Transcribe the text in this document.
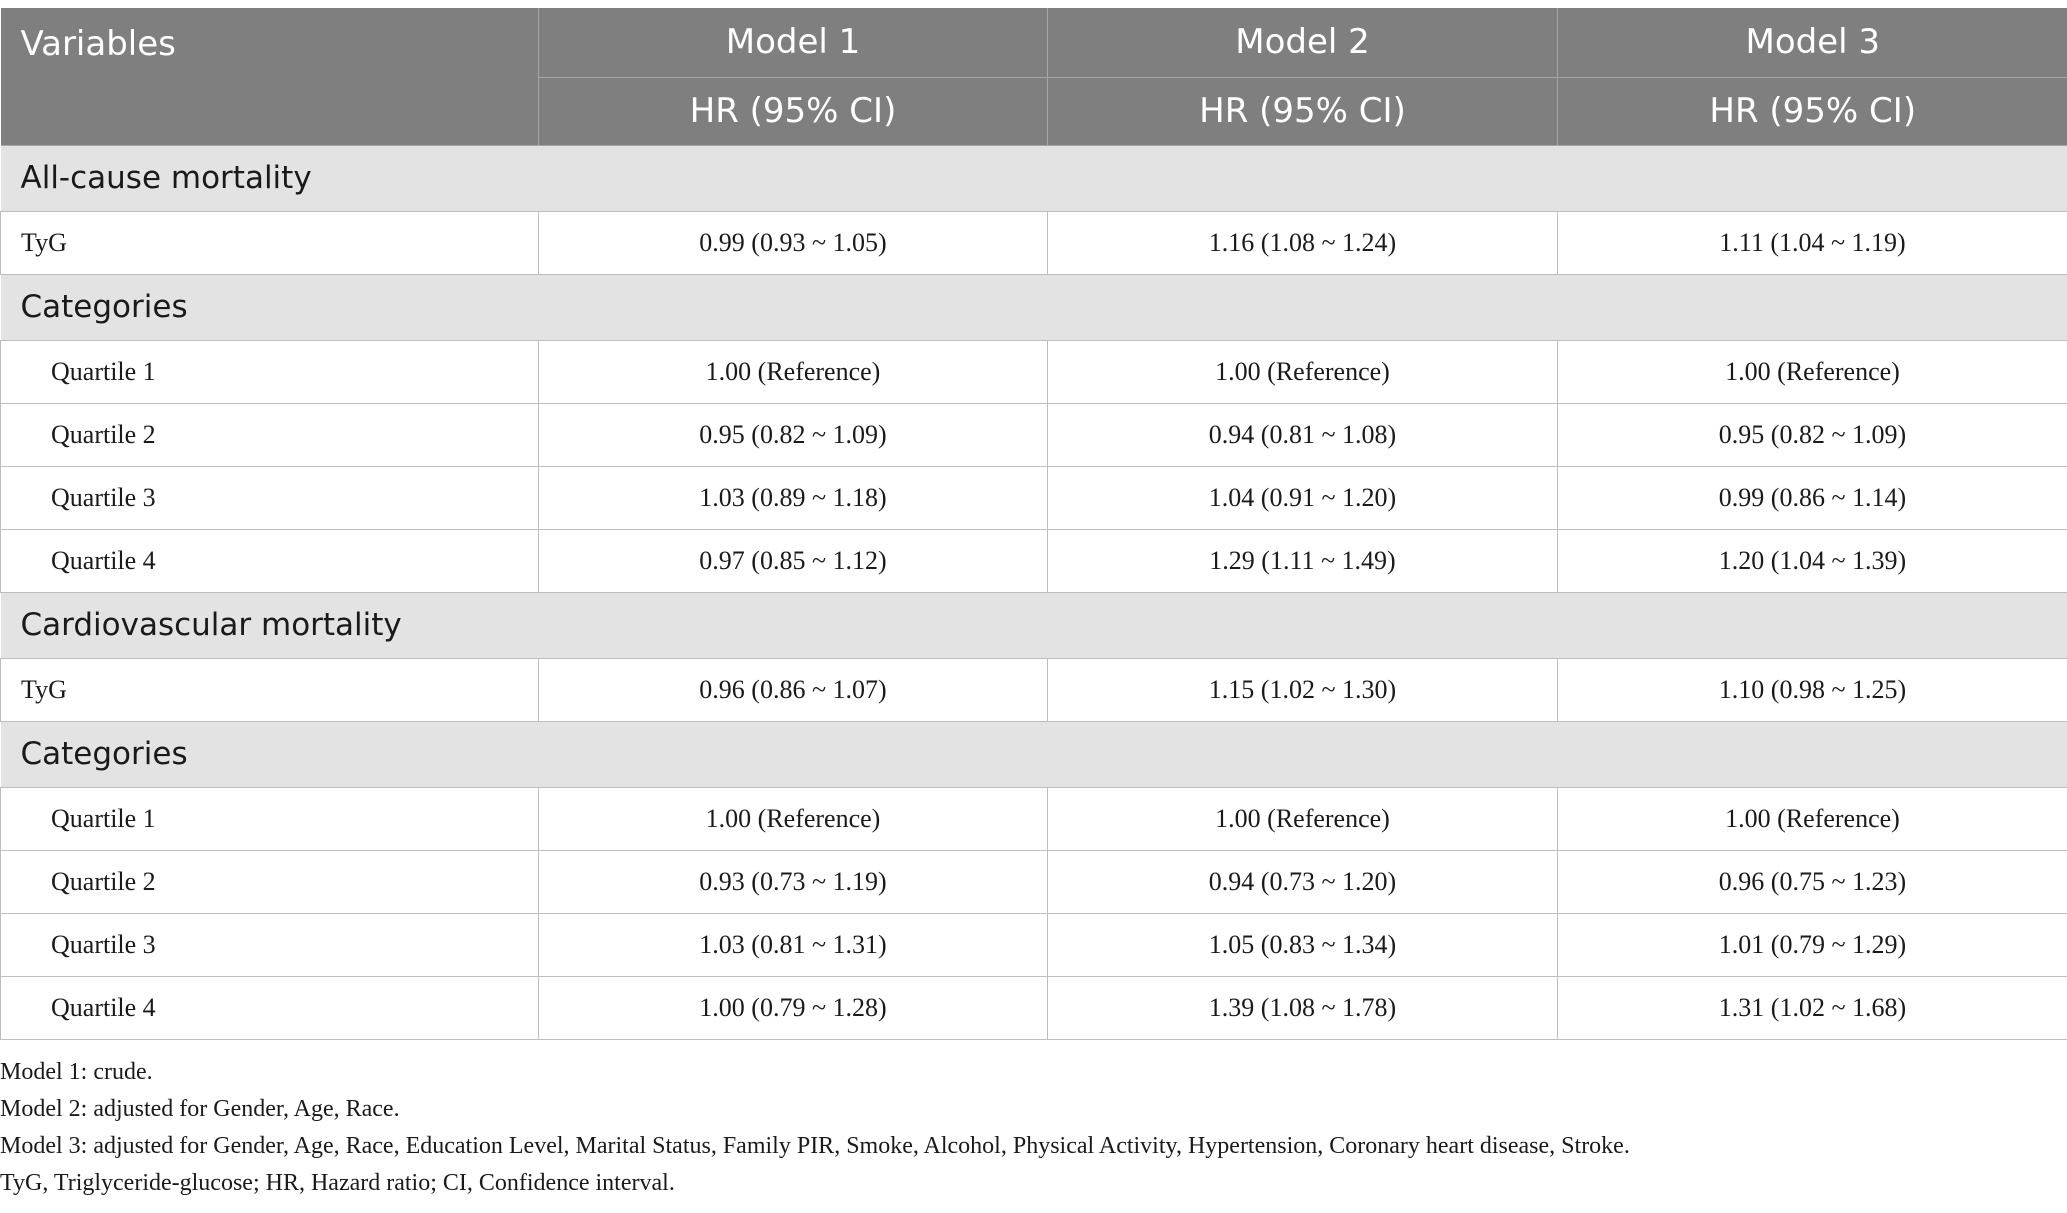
Variables	Model 1	Model 2	Model 3
	HR (95% CI)	HR (95% CI)	HR (95% CI)
All-cause mortality			
TyG	0.99 (0.93 ~ 1.05)	1.16 (1.08 ~ 1.24)	1.11 (1.04 ~ 1.19)
Categories			
Quartile 1	1.00 (Reference)	1.00 (Reference)	1.00 (Reference)
Quartile 2	0.95 (0.82 ~ 1.09)	0.94 (0.81 ~ 1.08)	0.95 (0.82 ~ 1.09)
Quartile 3	1.03 (0.89 ~ 1.18)	1.04 (0.91 ~ 1.20)	0.99 (0.86 ~ 1.14)
Quartile 4	0.97 (0.85 ~ 1.12)	1.29 (1.11 ~ 1.49)	1.20 (1.04 ~ 1.39)
Cardiovascular mortality			
TyG	0.96 (0.86 ~ 1.07)	1.15 (1.02 ~ 1.30)	1.10 (0.98 ~ 1.25)
Categories			
Quartile 1	1.00 (Reference)	1.00 (Reference)	1.00 (Reference)
Quartile 2	0.93 (0.73 ~ 1.19)	0.94 (0.73 ~ 1.20)	0.96 (0.75 ~ 1.23)
Quartile 3	1.03 (0.81 ~ 1.31)	1.05 (0.83 ~ 1.34)	1.01 (0.79 ~ 1.29)
Quartile 4	1.00 (0.79 ~ 1.28)	1.39 (1.08 ~ 1.78)	1.31 (1.02 ~ 1.68)
Model 1: crude.
Model 2: adjusted for Gender, Age, Race.
Model 3: adjusted for Gender, Age, Race, Education Level, Marital Status, Family PIR, Smoke, Alcohol, Physical Activity, Hypertension, Coronary heart disease, Stroke.
TyG, Triglyceride-glucose; HR, Hazard ratio; CI, Confidence interval.
